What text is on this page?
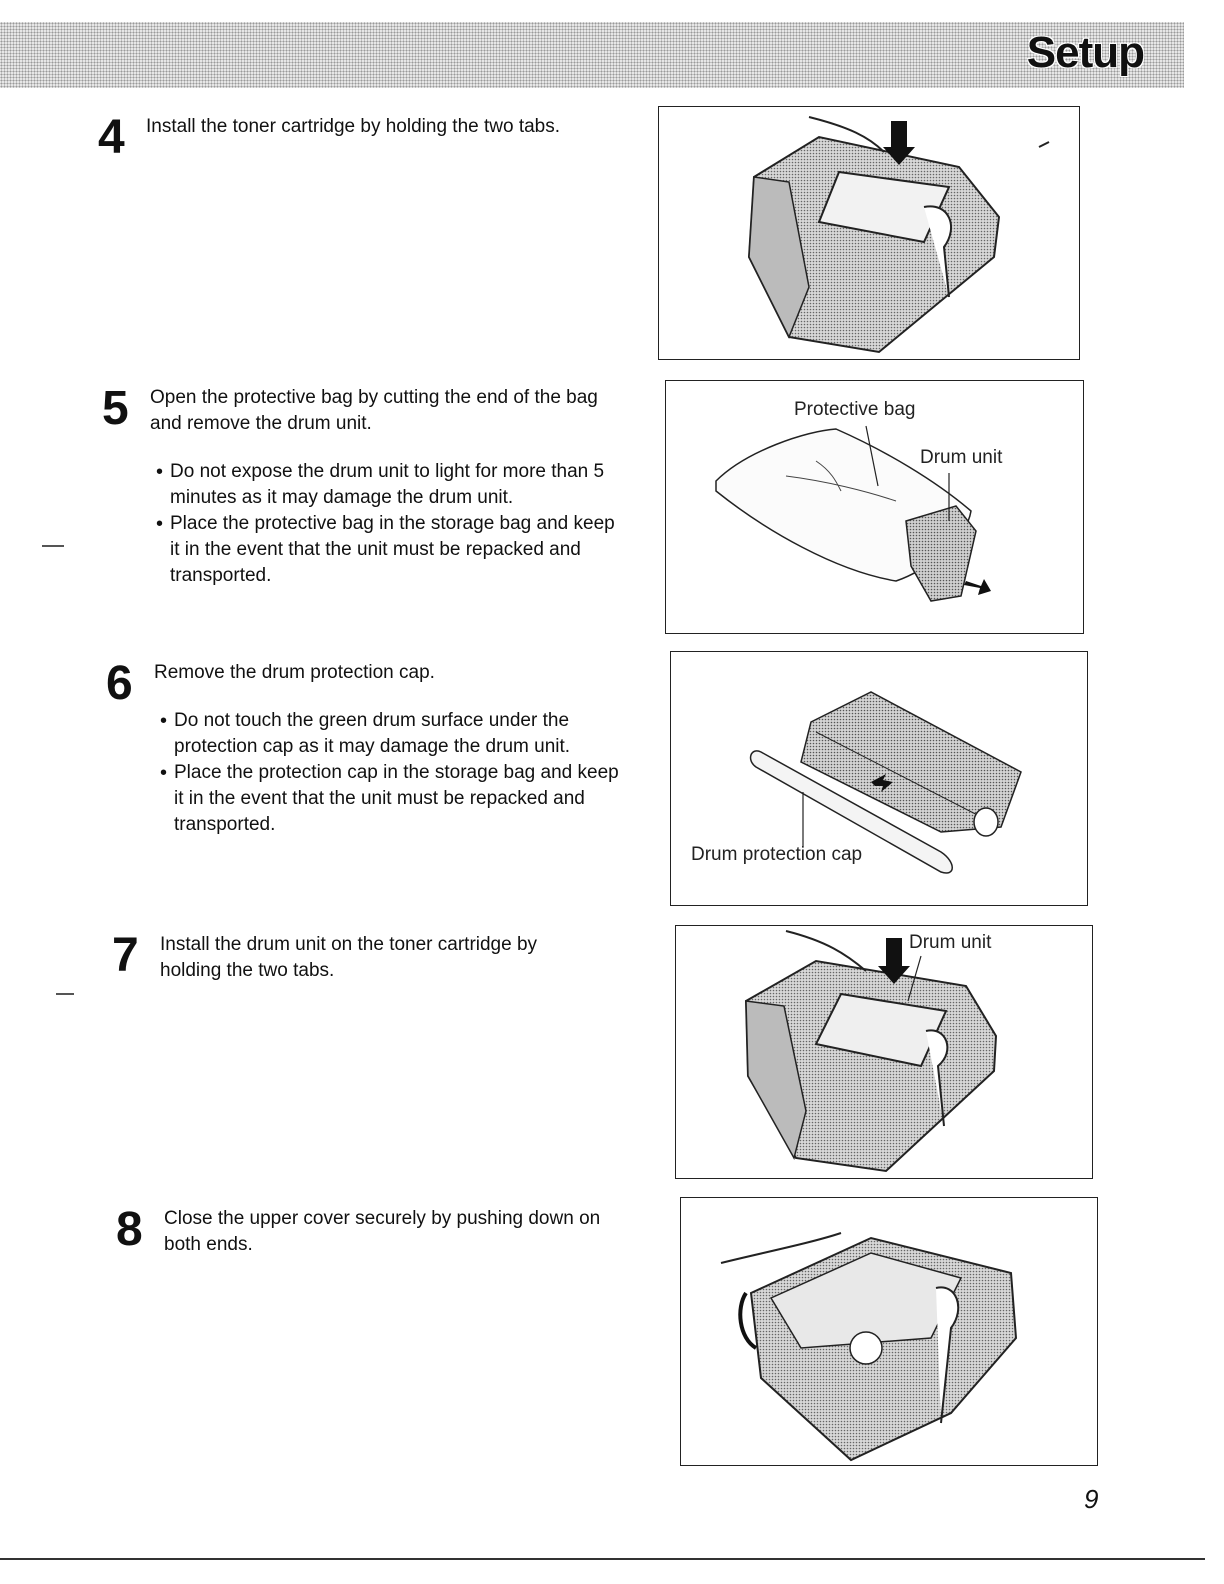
Setup
4 Install the toner cartridge by holding the two tabs.
5 Open the protective bag by cutting the end of the bag and remove the drum unit.
• Do not expose the drum unit to light for more than 5 minutes as it may damage the drum unit.
• Place the protective bag in the storage bag and keep it in the event that the unit must be repacked and transported.
6 Remove the drum protection cap.
• Do not touch the green drum surface under the protection cap as it may damage the drum unit.
• Place the protection cap in the storage bag and keep it in the event that the unit must be repacked and transported.
7 Install the drum unit on the toner cartridge by holding the two tabs.
8 Close the upper cover securely by pushing down on both ends.
Protective bag
Drum unit
Drum protection cap
Drum unit
9
